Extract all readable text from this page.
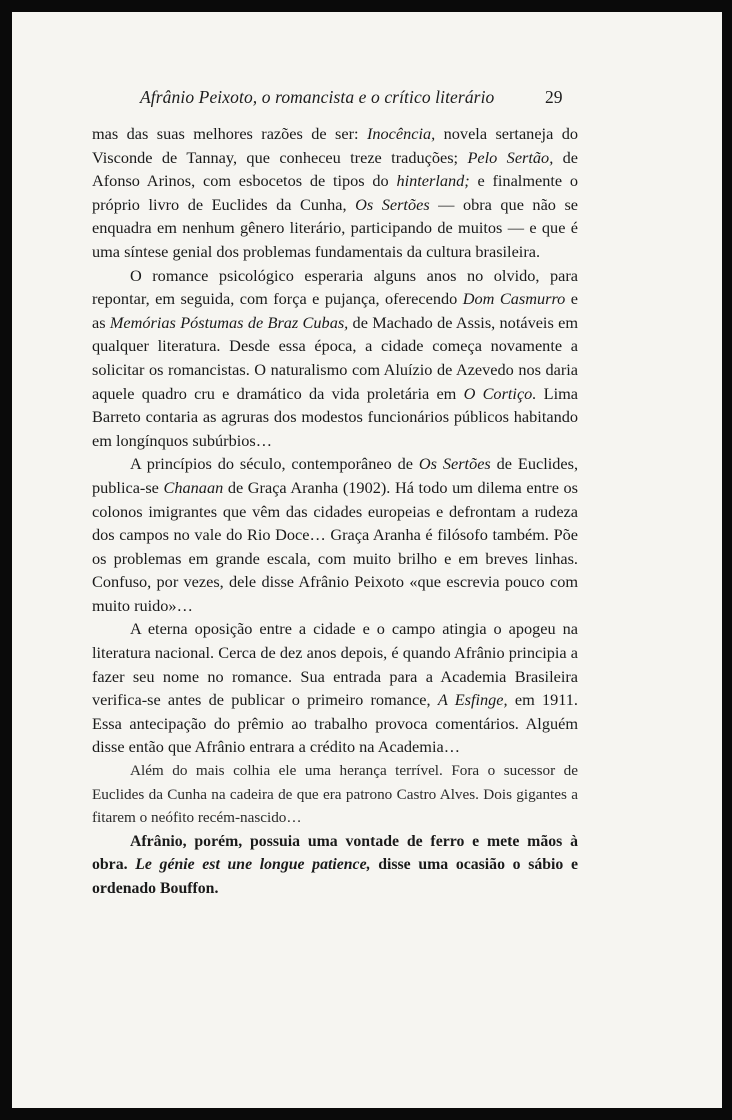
Afrânio Peixoto, o romancista e o crítico literário	29

mas das suas melhores razões de ser: Inocência, novela sertaneja do Visconde de Tannay, que conheceu treze traduções; Pelo Sertão, de Afonso Arinos, com esbocetos de tipos do hinterland; e finalmente o próprio livro de Euclides da Cunha, Os Sertões — obra que não se enquadra em nenhum gênero literário, participando de muitos — e que é uma síntese genial dos problemas fundamentais da cultura brasileira.

O romance psicológico esperaria alguns anos no olvido, para repontar, em seguida, com força e pujança, oferecendo Dom Casmurro e as Memórias Póstumas de Braz Cubas, de Machado de Assis, notáveis em qualquer literatura. Desde essa época, a cidade começa novamente a solicitar os romancistas. O naturalismo com Aluízio de Azevedo nos daria aquele quadro cru e dramático da vida proletária em O Cortiço. Lima Barreto contaria as agruras dos modestos funcionários públicos habitando em longínquos subúrbios…

A princípios do século, contemporâneo de Os Sertões de Euclides, publica-se Chanaan de Graça Aranha (1902). Há todo um dilema entre os colonos imigrantes que vêm das cidades europeias e defrontam a rudeza dos campos no vale do Rio Doce… Graça Aranha é filósofo também. Põe os problemas em grande escala, com muito brilho e em breves linhas. Confuso, por vezes, dele disse Afrânio Peixoto «que escrevia pouco com muito ruido»…

A eterna oposição entre a cidade e o campo atingia o apogeu na literatura nacional. Cerca de dez anos depois, é quando Afrânio principia a fazer seu nome no romance. Sua entrada para a Academia Brasileira verifica-se antes de publicar o primeiro romance, A Esfinge, em 1911. Essa antecipação do prêmio ao trabalho provoca comentários. Alguém disse então que Afrânio entrara a crédito na Academia…

Além do mais colhia ele uma herança terrível. Fora o sucessor de Euclides da Cunha na cadeira de que era patrono Castro Alves. Dois gigantes a fitarem o neófito recém-nascido…

Afrânio, porém, possuia uma vontade de ferro e mete mãos à obra. Le génie est une longue patience, disse uma ocasião o sábio e ordenado Bouffon.
